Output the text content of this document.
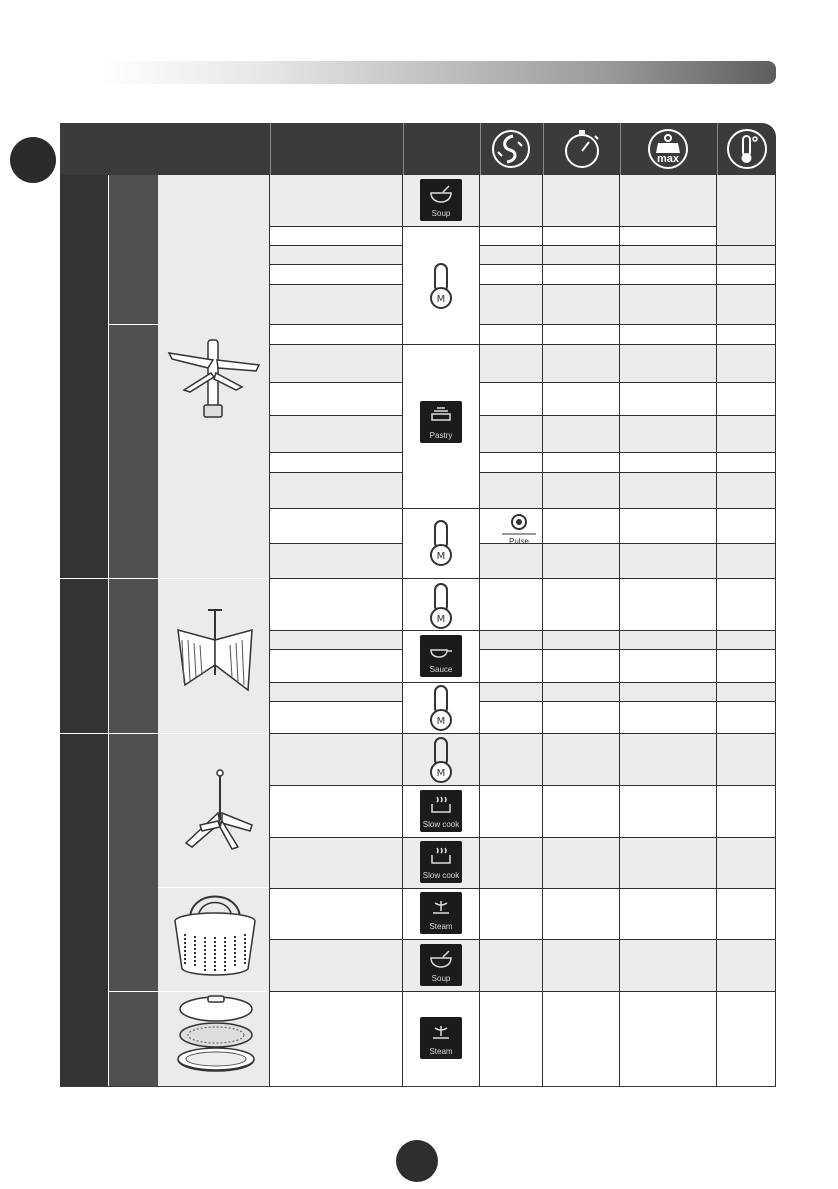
max
Soup
M
Pastry
Pulse
M
M
Sauce
M
M
Slow cook
Slow cook
Steam
Soup
Steam
